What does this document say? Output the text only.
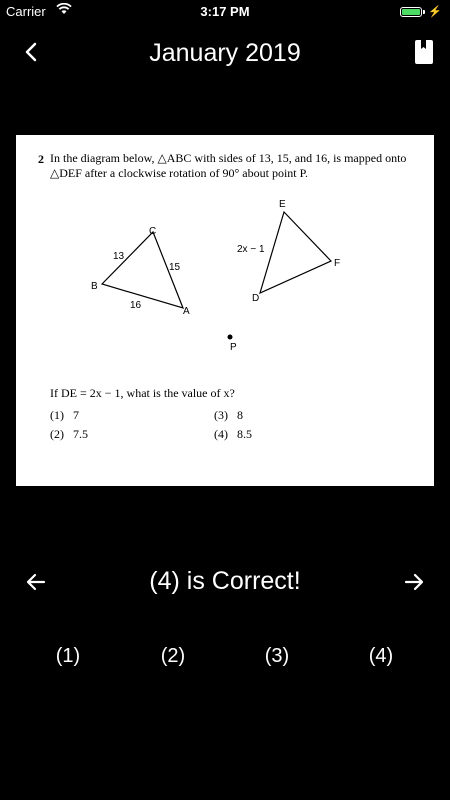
Carrier	3:17 PM	⚡
January 2019
2 In the diagram below, △ABC with sides of 13, 15, and 16, is mapped onto △DEF after a clockwise rotation of 90° about point P.
C
B
A
13
15
16
E
F
D
2x − 1
P
If DE = 2x − 1, what is the value of x?
(1) 7
(2) 7.5
(3) 8
(4) 8.5
(4) is Correct!
(1)	(2)	(3)	(4)
